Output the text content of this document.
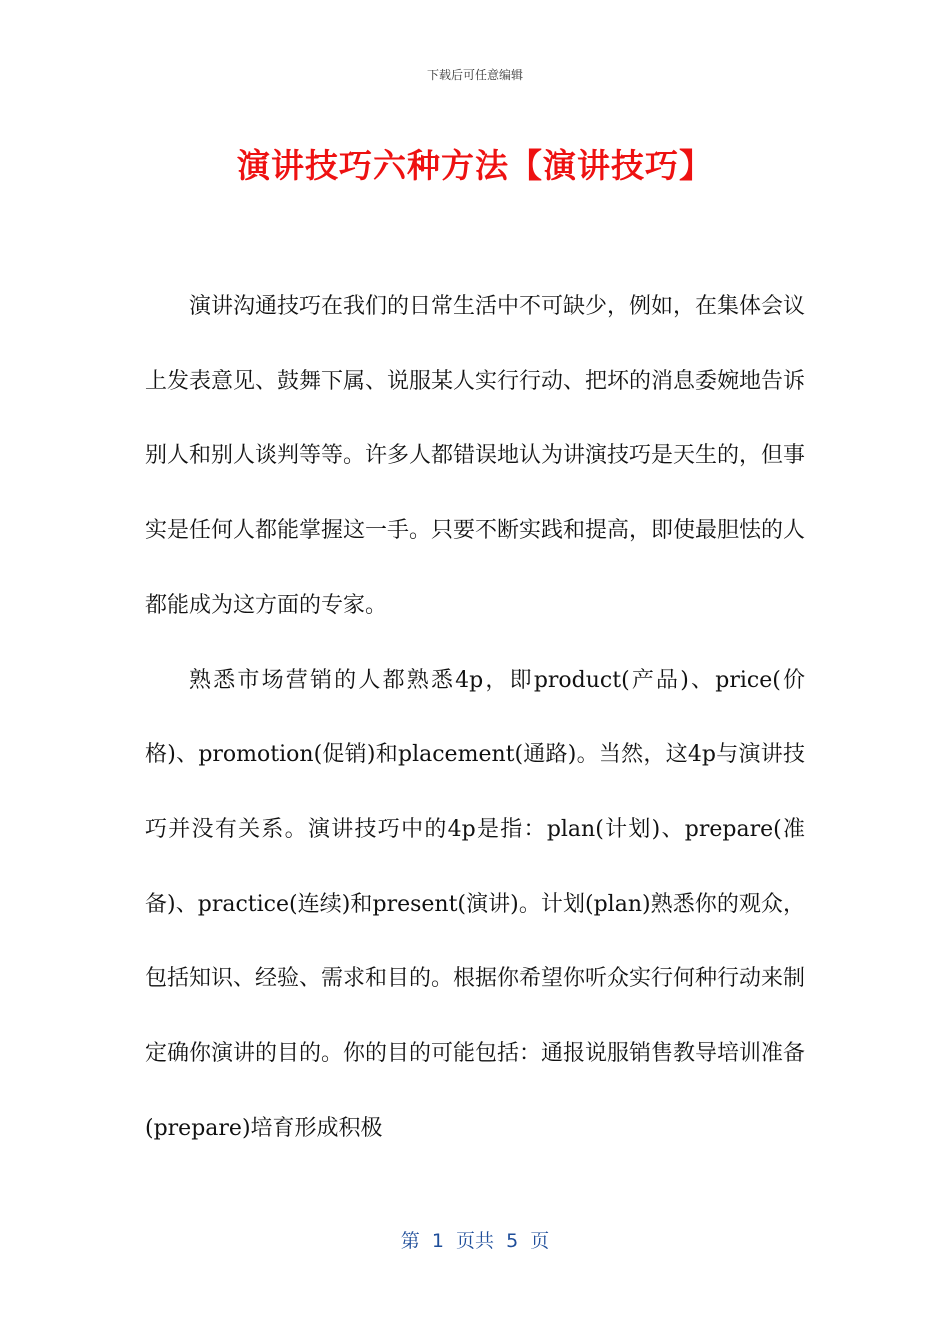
下载后可任意编辑
演讲技巧六种方法【演讲技巧】

演讲沟通技巧在我们的日常生活中不可缺少，例如，在集体会议上发表意见、鼓舞下属、说服某人实行行动、把坏的消息委婉地告诉别人和别人谈判等等。许多人都错误地认为讲演技巧是天生的，但事实是任何人都能掌握这一手。只要不断实践和提高，即使最胆怯的人都能成为这方面的专家。

熟悉市场营销的人都熟悉4p，即product(产品)、price(价格)、promotion(促销)和placement(通路)。当然，这4p与演讲技巧并没有关系。演讲技巧中的4p是指：plan(计划)、prepare(准备)、practice(连续)和present(演讲)。计划(plan)熟悉你的观众，包括知识、经验、需求和目的。根据你希望你听众实行何种行动来制定确你演讲的目的。你的目的可能包括：通报说服销售教导培训准备(prepare)培育形成积极

第  1  页共  5  页
